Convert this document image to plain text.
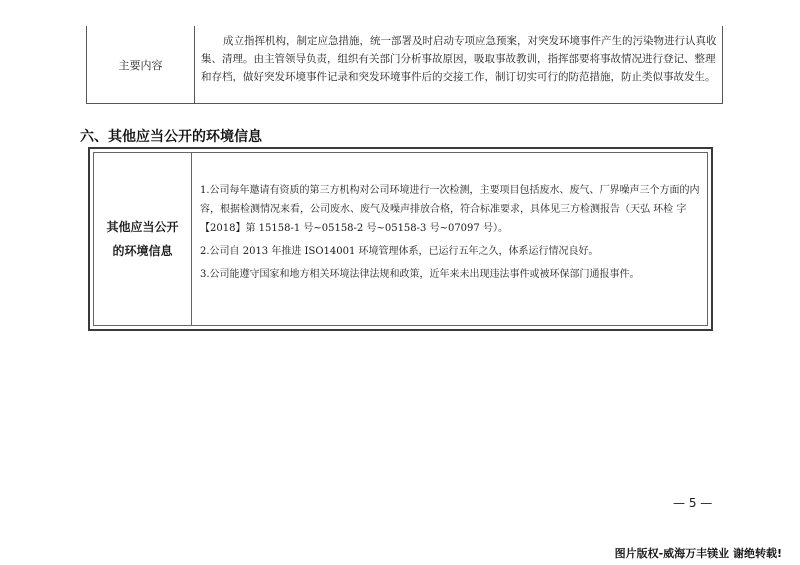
主要内容
成立指挥机构，制定应急措施，统一部署及时启动专项应急预案，对突发环境事件产生的污染物进行认真收集、清理。由主管领导负责，组织有关部门分析事故原因，吸取事故教训，指挥部要将事故情况进行登记、整理和存档，做好突发环境事件记录和突发环境事件后的交接工作，制订切实可行的防范措施，防止类似事故发生。
六、其他应当公开的环境信息
其他应当公开
的环境信息

1.公司每年邀请有资质的第三方机构对公司环境进行一次检测，主要项目包括废水、废气、厂界噪声三个方面的内容，根据检测情况来看，公司废水、废气及噪声排放合格，符合标准要求，具体见三方检测报告（天弘 环检 字【2018】第 15158-1 号~05158-2 号~05158-3 号~07097 号）。

2.公司自 2013 年推进 ISO14001 环境管理体系，已运行五年之久，体系运行情况良好。

3.公司能遵守国家和地方相关环境法律法规和政策，近年来未出现违法事件或被环保部门通报事件。

— 5 —
图片版权-威海万丰镁业 谢绝转载!
